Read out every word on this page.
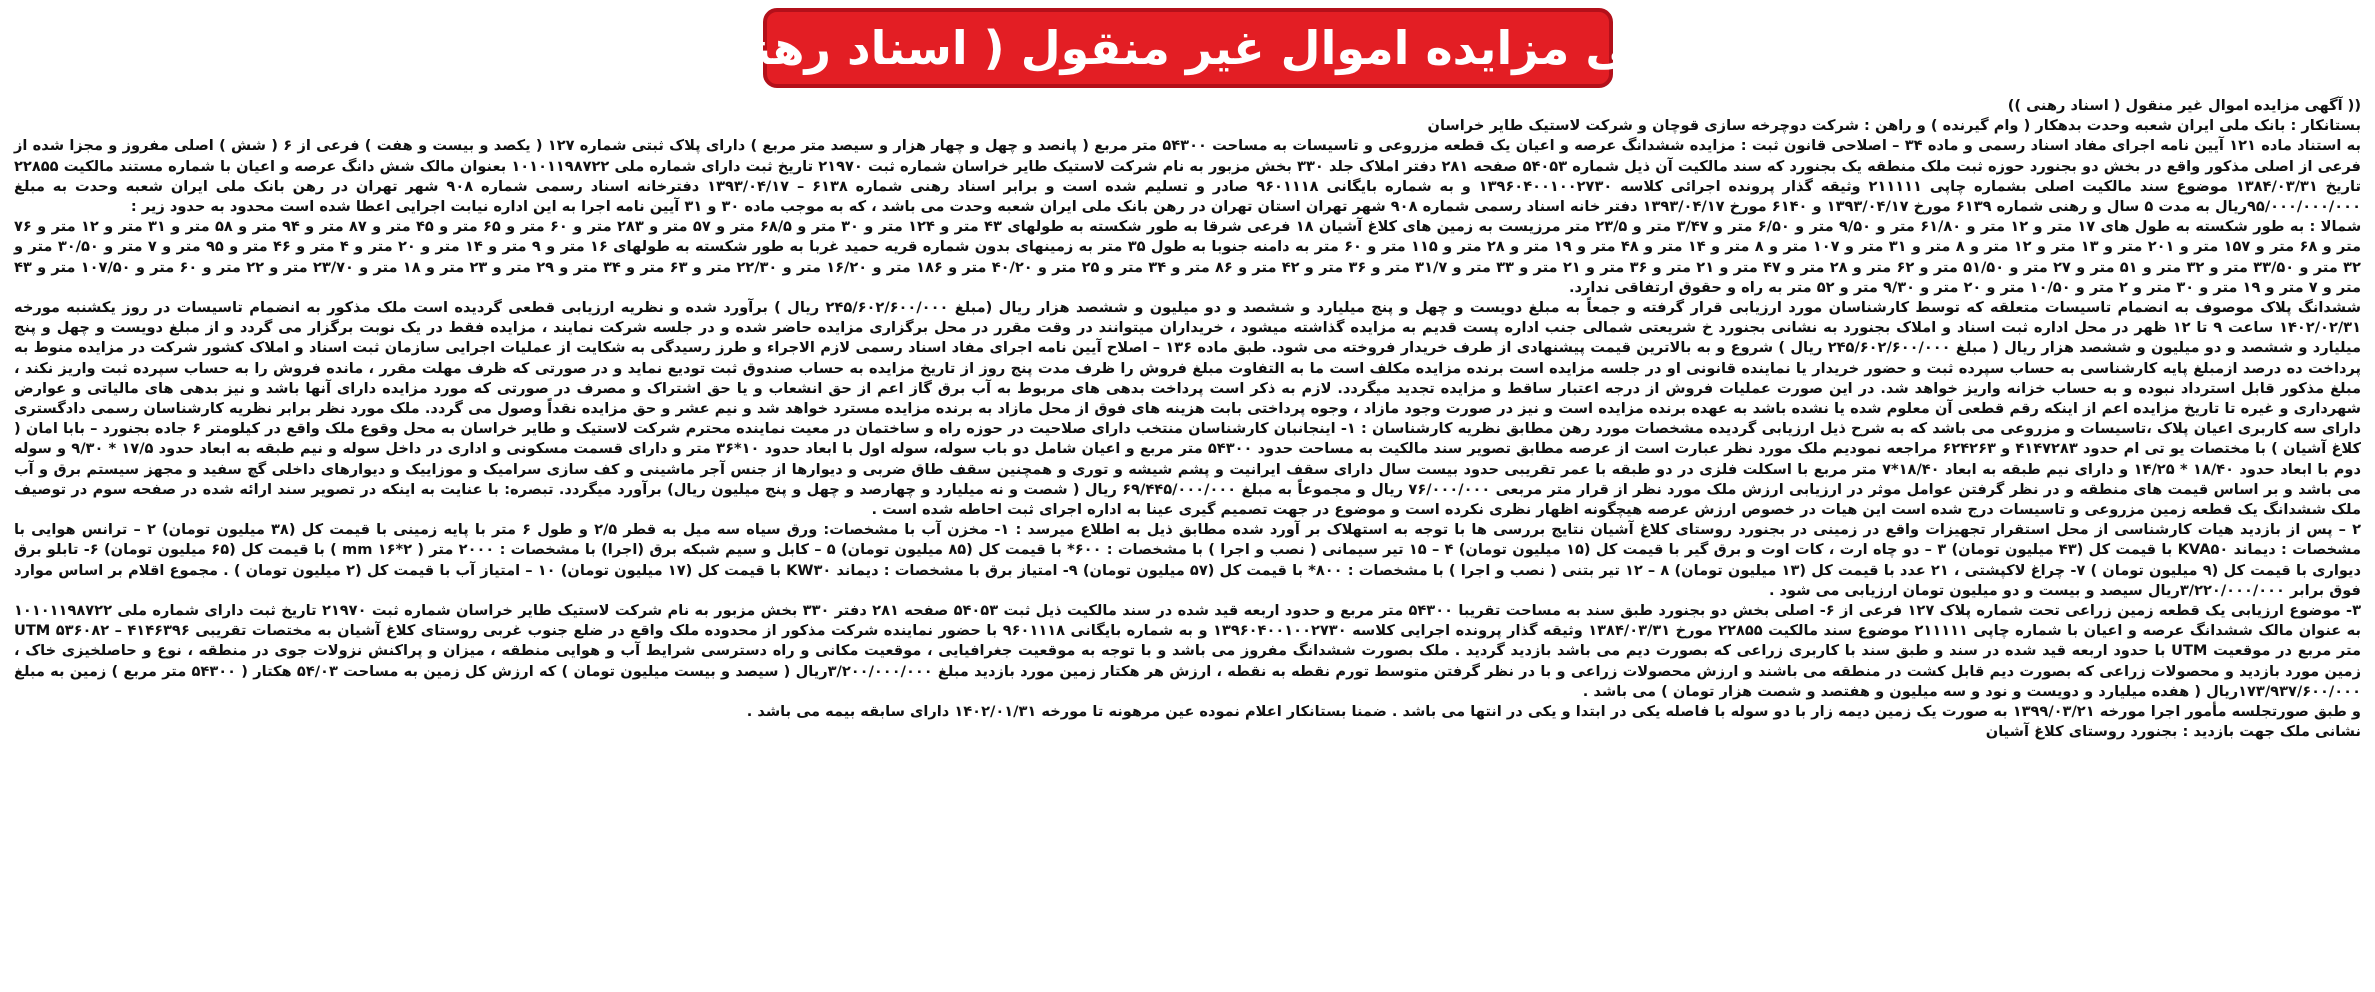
آگهی مزایده اموال غیر منقول ( اسناد رهنی )

(( آگهی مزایده اموال غیر منقول ( اسناد رهنی ))

بستانکار : بانک ملی ایران شعبه وحدت بدهکار ( وام گیرنده ) و راهن : شرکت دوچرخه سازی قوچان و شرکت لاستیک طایر خراسان

به استناد ماده ۱۲۱ آیین نامه اجرای مفاد اسناد رسمی و ماده ۳۴ – اصلاحی قانون ثبت : مزایده ششدانگ عرصه و اعیان یک قطعه مزروعی و تاسیسات به مساحت ۵۴۳۰۰ متر مربع ( پانصد و چهل و چهار هزار و سیصد متر مربع ) دارای پلاک ثبتی شماره ۱۲۷ ( یکصد و بیست و هفت ) فرعی از ۶ ( شش ) اصلی مفروز و مجزا شده از فرعی از اصلی مذکور واقع در بخش دو بجنورد حوزه ثبت ملک منطقه یک بجنورد که سند مالکیت آن ذیل شماره ۵۴۰۵۳ صفحه ۲۸۱ دفتر املاک جلد ۳۳۰ بخش مزبور به نام شرکت لاستیک طایر خراسان شماره ثبت ۲۱۹۷۰ تاریخ ثبت دارای شماره ملی ۱۰۱۰۱۱۹۸۷۲۲ بعنوان مالک شش دانگ عرصه و اعیان با شماره مستند مالکیت ۲۲۸۵۵ تاریخ ۱۳۸۴/۰۳/۳۱ موضوع سند مالکیت اصلی بشماره چاپی ۲۱۱۱۱۱ وثیقه گذار پرونده اجرائی کلاسه ۱۳۹۶۰۴۰۰۱۰۰۲۷۳۰ و به شماره بایگانی ۹۶۰۱۱۱۸ صادر و تسلیم شده است و برابر اسناد رهنی شماره ۶۱۳۸ – ۱۳۹۳/۰۴/۱۷ دفترخانه اسناد رسمی شماره ۹۰۸ شهر تهران در رهن بانک ملی ایران شعبه وحدت به مبلغ ۹۵/۰۰۰/۰۰۰/۰۰۰ریال به مدت ۵ سال و رهنی شماره ۶۱۳۹ مورخ ۱۳۹۳/۰۴/۱۷ و ۶۱۴۰ مورخ ۱۳۹۳/۰۴/۱۷ دفتر خانه اسناد رسمی شماره ۹۰۸ شهر تهران استان تهران در رهن بانک ملی ایران شعبه وحدت می باشد ، که به موجب ماده ۳۰ و ۳۱ آیین نامه اجرا به این اداره نیابت اجرایی اعطا شده است محدود به حدود زیر :

شمالا : به طور شکسته به طول های ۱۷ متر و ۱۲ متر و ۶۱/۸۰ متر و ۹/۵۰ متر و ۶/۵۰ متر و ۳/۴۷ متر و ۲۳/۵ متر مرزیست به زمین های کلاغ آشیان ۱۸ فرعی شرقا به طور شکسته به طولهای ۴۳ متر و ۱۲۴ متر و ۳۰ متر و ۶۸/۵ متر و ۵۷ متر و ۲۸۳ متر و ۶۰ متر و ۶۵ متر و ۴۵ متر و ۸۷ متر و ۹۴ متر و ۵۸ متر و ۳۱ متر و ۱۲ متر و ۷۶ متر و ۶۸ متر و ۱۵۷ متر و ۲۰۱ متر و ۱۳ متر و ۱۲ متر و ۸ متر و ۳۱ متر و ۱۰۷ متر و ۸ متر و ۱۴ متر و ۴۸ متر و ۱۹ متر و ۲۸ متر و ۱۱۵ متر و ۶۰ متر به دامنه جنوبا به طول ۳۵ متر به زمینهای بدون شماره قریه حمید غربا به طور شکسته به طولهای ۱۶ متر و ۹ متر و ۱۴ متر و ۲۰ متر و ۴ متر و ۴۶ متر و ۹۵ متر و ۷ متر و ۳۰/۵۰ متر و ۳۲ متر و ۳۳/۵۰ متر و ۳۲ متر و ۵۱ متر و ۲۷ متر و ۵۱/۵۰ متر و ۶۲ متر و ۲۸ متر و ۴۷ متر و ۲۱ متر و ۳۶ متر و ۲۱ متر و ۳۳ متر و ۳۱/۷ متر و ۳۶ متر و ۴۲ متر و ۸۶ متر و ۳۴ متر و ۲۵ متر و ۴۰/۲۰ متر و ۱۸۶ متر و ۱۶/۲۰ متر و ۲۲/۳۰ متر و ۶۳ متر و ۳۴ متر و ۲۹ متر و ۲۳ متر و ۱۸ متر و ۲۳/۷۰ متر و ۲۲ متر و ۶۰ متر و ۱۰۷/۵۰ متر و ۴۳ متر و ۷ متر و ۱۹ متر و ۳۰ متر و ۲ متر و ۱۰/۵۰ متر و ۲۰ متر و ۹/۳۰ متر و ۵۲ متر به راه و حقوق ارتفاقی ندارد.

ششدانگ پلاک موصوف به انضمام تاسیسات متعلقه که توسط کارشناسان مورد ارزیابی قرار گرفته و جمعاً به مبلغ دویست و چهل و پنج میلیارد و ششصد و دو میلیون و ششصد هزار ریال (مبلغ ۲۴۵/۶۰۲/۶۰۰/۰۰۰ ریال ) برآورد شده و نظریه ارزیابی قطعی گردیده است ملک مذکور به انضمام تاسیسات در روز یکشنبه مورخه ۱۴۰۲/۰۲/۳۱ ساعت ۹ تا ۱۲ ظهر در محل اداره ثبت اسناد و املاک بجنورد به نشانی بجنورد خ شریعتی شمالی جنب اداره پست قدیم به مزایده گذاشته میشود ، خریداران میتوانند در وقت مقرر در محل برگزاری مزایده حاضر شده و در جلسه شرکت نمایند ، مزایده فقط در یک نوبت برگزار می گردد و از مبلغ دویست و چهل و پنج میلیارد و ششصد و دو میلیون و ششصد هزار ریال ( مبلغ ۲۴۵/۶۰۲/۶۰۰/۰۰۰ ریال ) شروع و به بالاترین قیمت پیشنهادی از طرف خریدار فروخته می شود. طبق ماده ۱۳۶ – اصلاح آیین نامه اجرای مفاد اسناد رسمی لازم الاجراء و طرز رسیدگی به شکایت از عملیات اجرایی سازمان ثبت اسناد و املاک کشور شرکت در مزایده منوط به پرداخت ده درصد ازمبلغ پایه کارشناسی به حساب سپرده ثبت و حضور خریدار یا نماینده قانونی او در جلسه مزایده است برنده مزایده مکلف است ما به التفاوت مبلغ فروش را ظرف مدت پنج روز از تاریخ مزایده به حساب صندوق ثبت تودیع نماید و در صورتی که ظرف مهلت مقرر ، مانده فروش را به حساب سپرده ثبت واریز نکند ، مبلغ مذکور قابل استرداد نبوده و به حساب خزانه واریز خواهد شد. در این صورت عملیات فروش از درجه اعتبار ساقط و مزایده تجدید میگردد. لازم به ذکر است پرداخت بدهی های مربوط به آب برق گاز اعم از حق انشعاب و یا حق اشتراک و مصرف در صورتی که مورد مزایده دارای آنها باشد و نیز بدهی های مالیاتی و عوارض شهرداری و غیره تا تاریخ مزایده اعم از اینکه رقم قطعی آن معلوم شده یا نشده باشد به عهده برنده مزایده است و نیز در صورت وجود مازاد ، وجوه پرداختی بابت هزینه های فوق از محل مازاد به برنده مزایده مسترد خواهد شد و نیم عشر و حق مزایده نقداً وصول می گردد. ملک مورد نظر برابر نظریه کارشناسان رسمی دادگستری دارای سه کاربری اعیان پلاک ،تاسیسات و مزروعی می باشد که به شرح ذیل ارزیابی گردیده مشخصات مورد رهن مطابق نظریه کارشناسان : ۱- اینجانبان کارشناسان منتخب دارای صلاحیت در حوزه راه و ساختمان در معیت نماینده محترم شرکت لاستیک و طایر خراسان به محل وقوع ملک واقع در کیلومتر ۶ جاده بجنورد – بابا امان ( کلاغ آشیان ) با مختصات یو تی ام حدود ۴۱۴۷۲۸۳ و ۶۲۴۲۶۳ مراجعه نمودیم ملک مورد نظر عبارت است از عرصه مطابق تصویر سند مالکیت به مساحت حدود ۵۴۳۰۰ متر مربع و اعیان شامل دو باب سوله، سوله اول با ابعاد حدود ۱۰*۳۶ متر و دارای قسمت مسکونی و اداری در داخل سوله و نیم طبقه به ابعاد حدود ۱۷/۵ * ۹/۳۰ و سوله دوم با ابعاد حدود ۱۸/۴۰ * ۱۴/۲۵ و دارای نیم طبقه به ابعاد ۱۸/۴۰*۷ متر مربع با اسکلت فلزی در دو طبقه با عمر تقریبی حدود بیست سال دارای سقف ایرانیت و پشم شیشه و توری و همچنین سقف طاق ضربی و دیوارها از جنس آجر ماشینی و کف سازی سرامیک و موزاییک و دیوارهای داخلی گچ سفید و مجهز سیستم برق و آب می باشد و بر اساس قیمت های منطقه و در نظر گرفتن عوامل موثر در ارزیابی ارزش ملک مورد نظر از قرار متر مربعی ۷۶/۰۰۰/۰۰۰ ریال و مجموعاً به مبلغ ۶۹/۴۴۵/۰۰۰/۰۰۰ ریال ( شصت و نه میلیارد و چهارصد و چهل و پنج میلیون ریال) برآورد میگردد. تبصره: با عنایت به اینکه در تصویر سند ارائه شده در صفحه سوم در توصیف ملک ششدانگ یک قطعه زمین مزروعی و تاسیسات درج شده است این هیات در خصوص ارزش عرصه هیچگونه اظهار نظری نکرده است و موضوع در جهت تصمیم گیری عینا به اداره اجرای ثبت احاطه شده است .

۲ – پس از بازدید هیات کارشناسی از محل استقرار تجهیزات واقع در زمینی در بجنورد روستای کلاغ آشیان نتایج بررسی ها با توجه به استهلاک بر آورد شده مطابق ذیل به اطلاع میرسد : ۱- مخزن آب با مشخصات: ورق سیاه سه میل به قطر ۲/۵ و طول ۶ متر با پایه زمینی با قیمت کل (۳۸ میلیون تومان) ۲ – ترانس هوایی با مشخصات : دیماند KVA۵۰ با قیمت کل (۴۳ میلیون تومان) ۳ – دو چاه ارت ، کات اوت و برق گیر با قیمت کل (۱۵ میلیون تومان) ۴ – ۱۵ تیر سیمانی ( نصب و اجرا ) با مشخصات : ۶۰۰* با قیمت کل (۸۵ میلیون تومان) ۵ – کابل و سیم شبکه برق (اجرا) با مشخصات : ۲۰۰۰ متر ( mm ۱۶*۲ ) با قیمت کل (۶۵ میلیون تومان) ۶- تابلو برق دیواری با قیمت کل (۹ میلیون تومان ) ۷- چراغ لاکپشتی ، ۲۱ عدد با قیمت کل (۱۳ میلیون تومان) ۸ – ۱۲ تیر بتنی ( نصب و اجرا ) با مشخصات : ۸۰۰* با قیمت کل (۵۷ میلیون تومان) ۹- امتیاز برق با مشخصات : دیماند KW۳۰ با قیمت کل (۱۷ میلیون تومان) ۱۰ – امتیاز آب با قیمت کل (۲ میلیون تومان ) . مجموع اقلام بر اساس موارد فوق برابر ۳/۲۲۰/۰۰۰/۰۰۰ریال سیصد و بیست و دو میلیون تومان ارزیابی می شود .

۳- موضوع ارزیابی یک قطعه زمین زراعی تحت شماره پلاک ۱۲۷ فرعی از ۶- اصلی بخش دو بجنورد طبق سند به مساحت تقریبا ۵۴۳۰۰ متر مربع و حدود اربعه قید شده در سند مالکیت ذیل ثبت ۵۴۰۵۳ صفحه ۲۸۱ دفتر ۳۳۰ بخش مزبور به نام شرکت لاستیک طایر خراسان شماره ثبت ۲۱۹۷۰ تاریخ ثبت دارای شماره ملی ۱۰۱۰۱۱۹۸۷۲۲ به عنوان مالک ششدانگ عرصه و اعیان با شماره چاپی ۲۱۱۱۱۱ موضوع سند مالکیت ۲۲۸۵۵ مورخ ۱۳۸۴/۰۳/۳۱ وثیقه گذار پرونده اجرایی کلاسه ۱۳۹۶۰۴۰۰۱۰۰۲۷۳۰ و به شماره بایگانی ۹۶۰۱۱۱۸ با حضور نماینده شرکت مذکور از محدوده ملک واقع در ضلع جنوب غربی روستای کلاغ آشیان به مختصات تقریبی UTM ۵۳۶۰۸۲ – ۴۱۴۶۳۹۶ متر مربع در موقعیت UTM با حدود اربعه قید شده در سند و طبق سند با کاربری زراعی که بصورت دیم می باشد بازدید گردید . ملک بصورت ششدانگ مفروز می باشد و با توجه به موقعیت جغرافیایی ، موقعیت مکانی و راه دسترسی شرایط آب و هوایی منطقه ، میزان و پراکنش نزولات جوی در منطقه ، نوع و حاصلخیزی خاک ، زمین مورد بازدید و محصولات زراعی که بصورت دیم قابل کشت در منطقه می باشند و ارزش محصولات زراعی و با در نظر گرفتن متوسط تورم نقطه به نقطه ، ارزش هر هکتار زمین مورد بازدید مبلغ ۳/۲۰۰/۰۰۰/۰۰۰ریال ( سیصد و بیست میلیون تومان ) که ارزش کل زمین به مساحت ۵۴/۰۳ هکتار ( ۵۴۳۰۰ متر مربع ) زمین به مبلغ ۱۷۳/۹۳۷/۶۰۰/۰۰۰ریال ( هفده میلیارد و دویست و نود و سه میلیون و هفتصد و شصت هزار تومان ) می باشد .

و طبق صورتجلسه مأمور اجرا مورخه ۱۳۹۹/۰۳/۲۱ به صورت یک زمین دیمه زار با دو سوله با فاصله یکی در ابتدا و یکی در انتها می باشد . ضمنا بستانکار اعلام نموده عین مرهونه تا مورخه ۱۴۰۲/۰۱/۳۱ دارای سابقه بیمه می باشد .

نشانی ملک جهت بازدید : بجنورد روستای کلاغ آشیان
